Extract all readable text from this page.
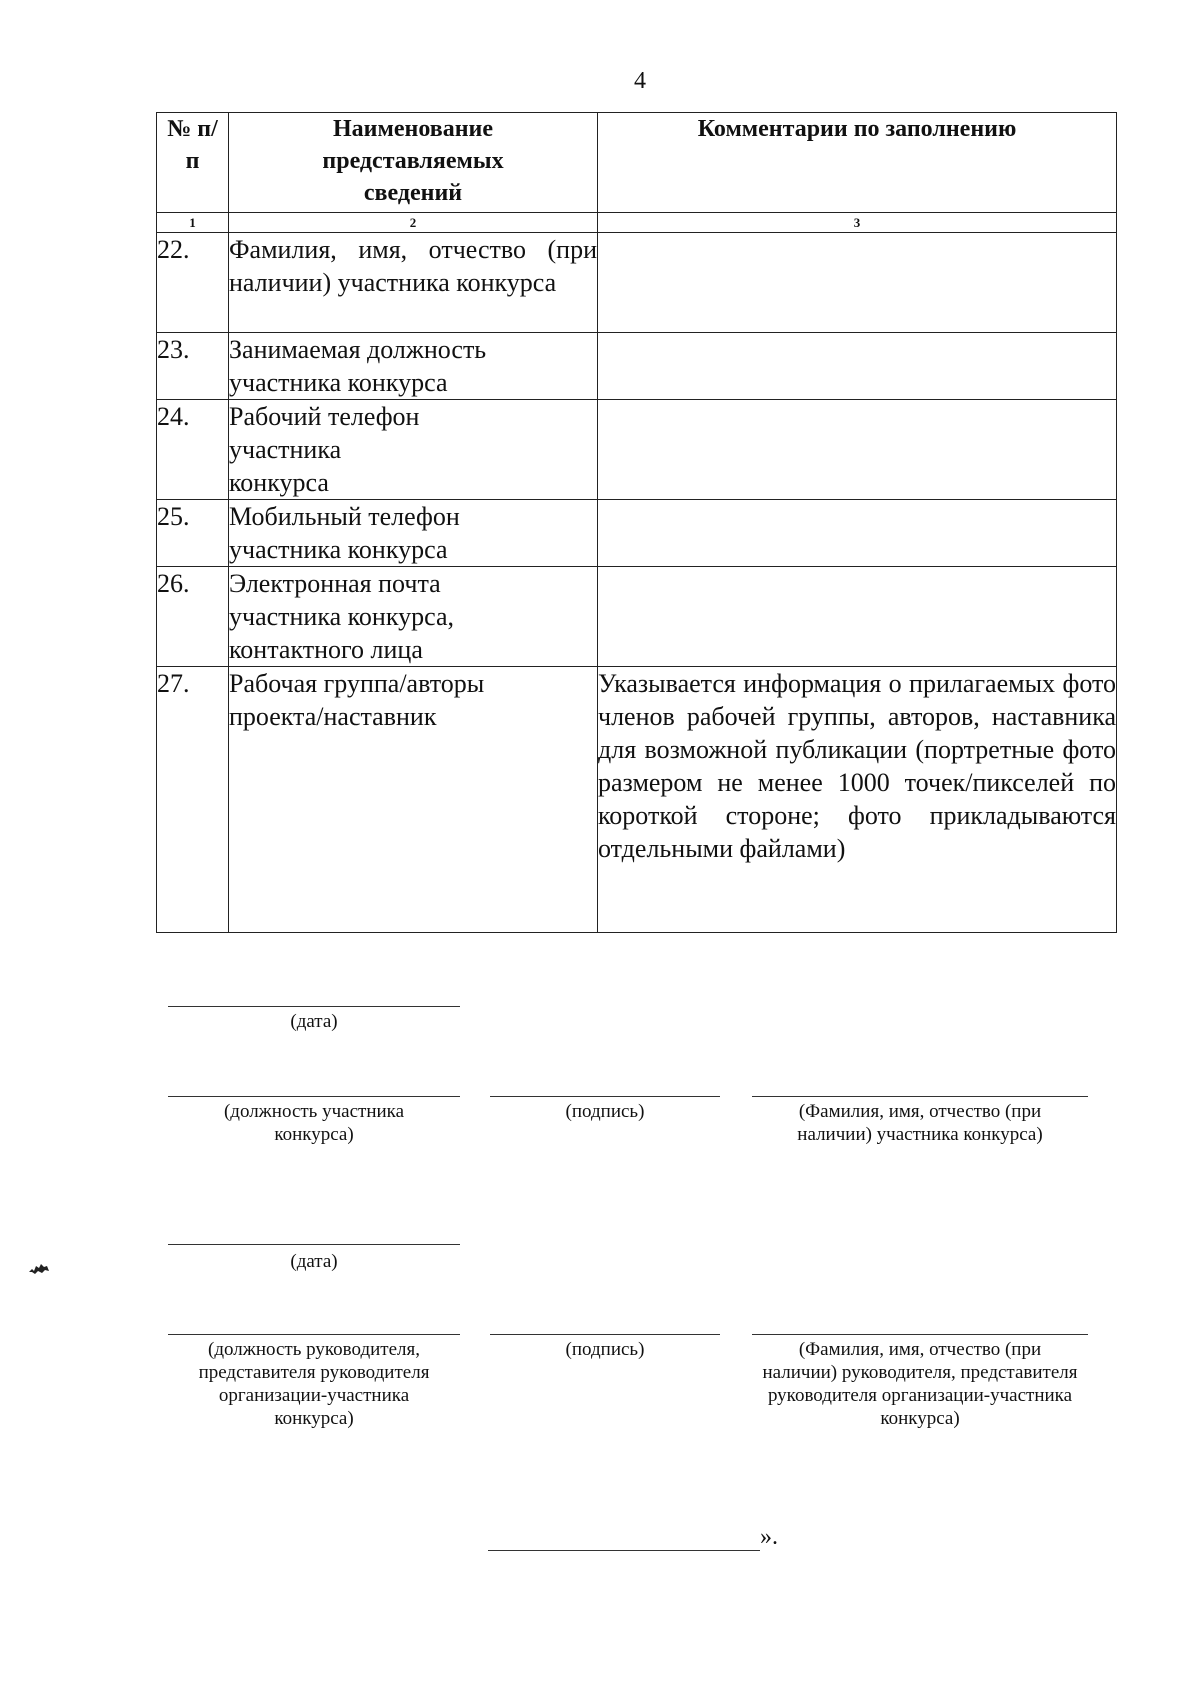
4
№ п/п	Наименование представляемых сведений	Комментарии по заполнению
1	2	3
22.	Фамилия, имя, отчество (при наличии) участника конкурса	
23.	Занимаемая должность участника конкурса	
24.	Рабочий телефон участника конкурса	
25.	Мобильный телефон участника конкурса	
26.	Электронная почта участника конкурса, контактного лица	
27.	Рабочая группа/авторы проекта/наставник	Указывается информация о прилагаемых фото членов рабочей группы, авторов, наставника для возможной публикации (портретные фото размером не менее 1000 точек/пикселей по короткой стороне; фото прикладываются отдельными файлами)
(дата)
(должность участника конкурса)
(подпись)	(Фамилия, имя, отчество (при наличии) участника конкурса)
(дата)
(должность руководителя, представителя руководителя организации-участника конкурса)
(подпись)	(Фамилия, имя, отчество (при наличии) руководителя, представителя руководителя организации-участника конкурса)
».
